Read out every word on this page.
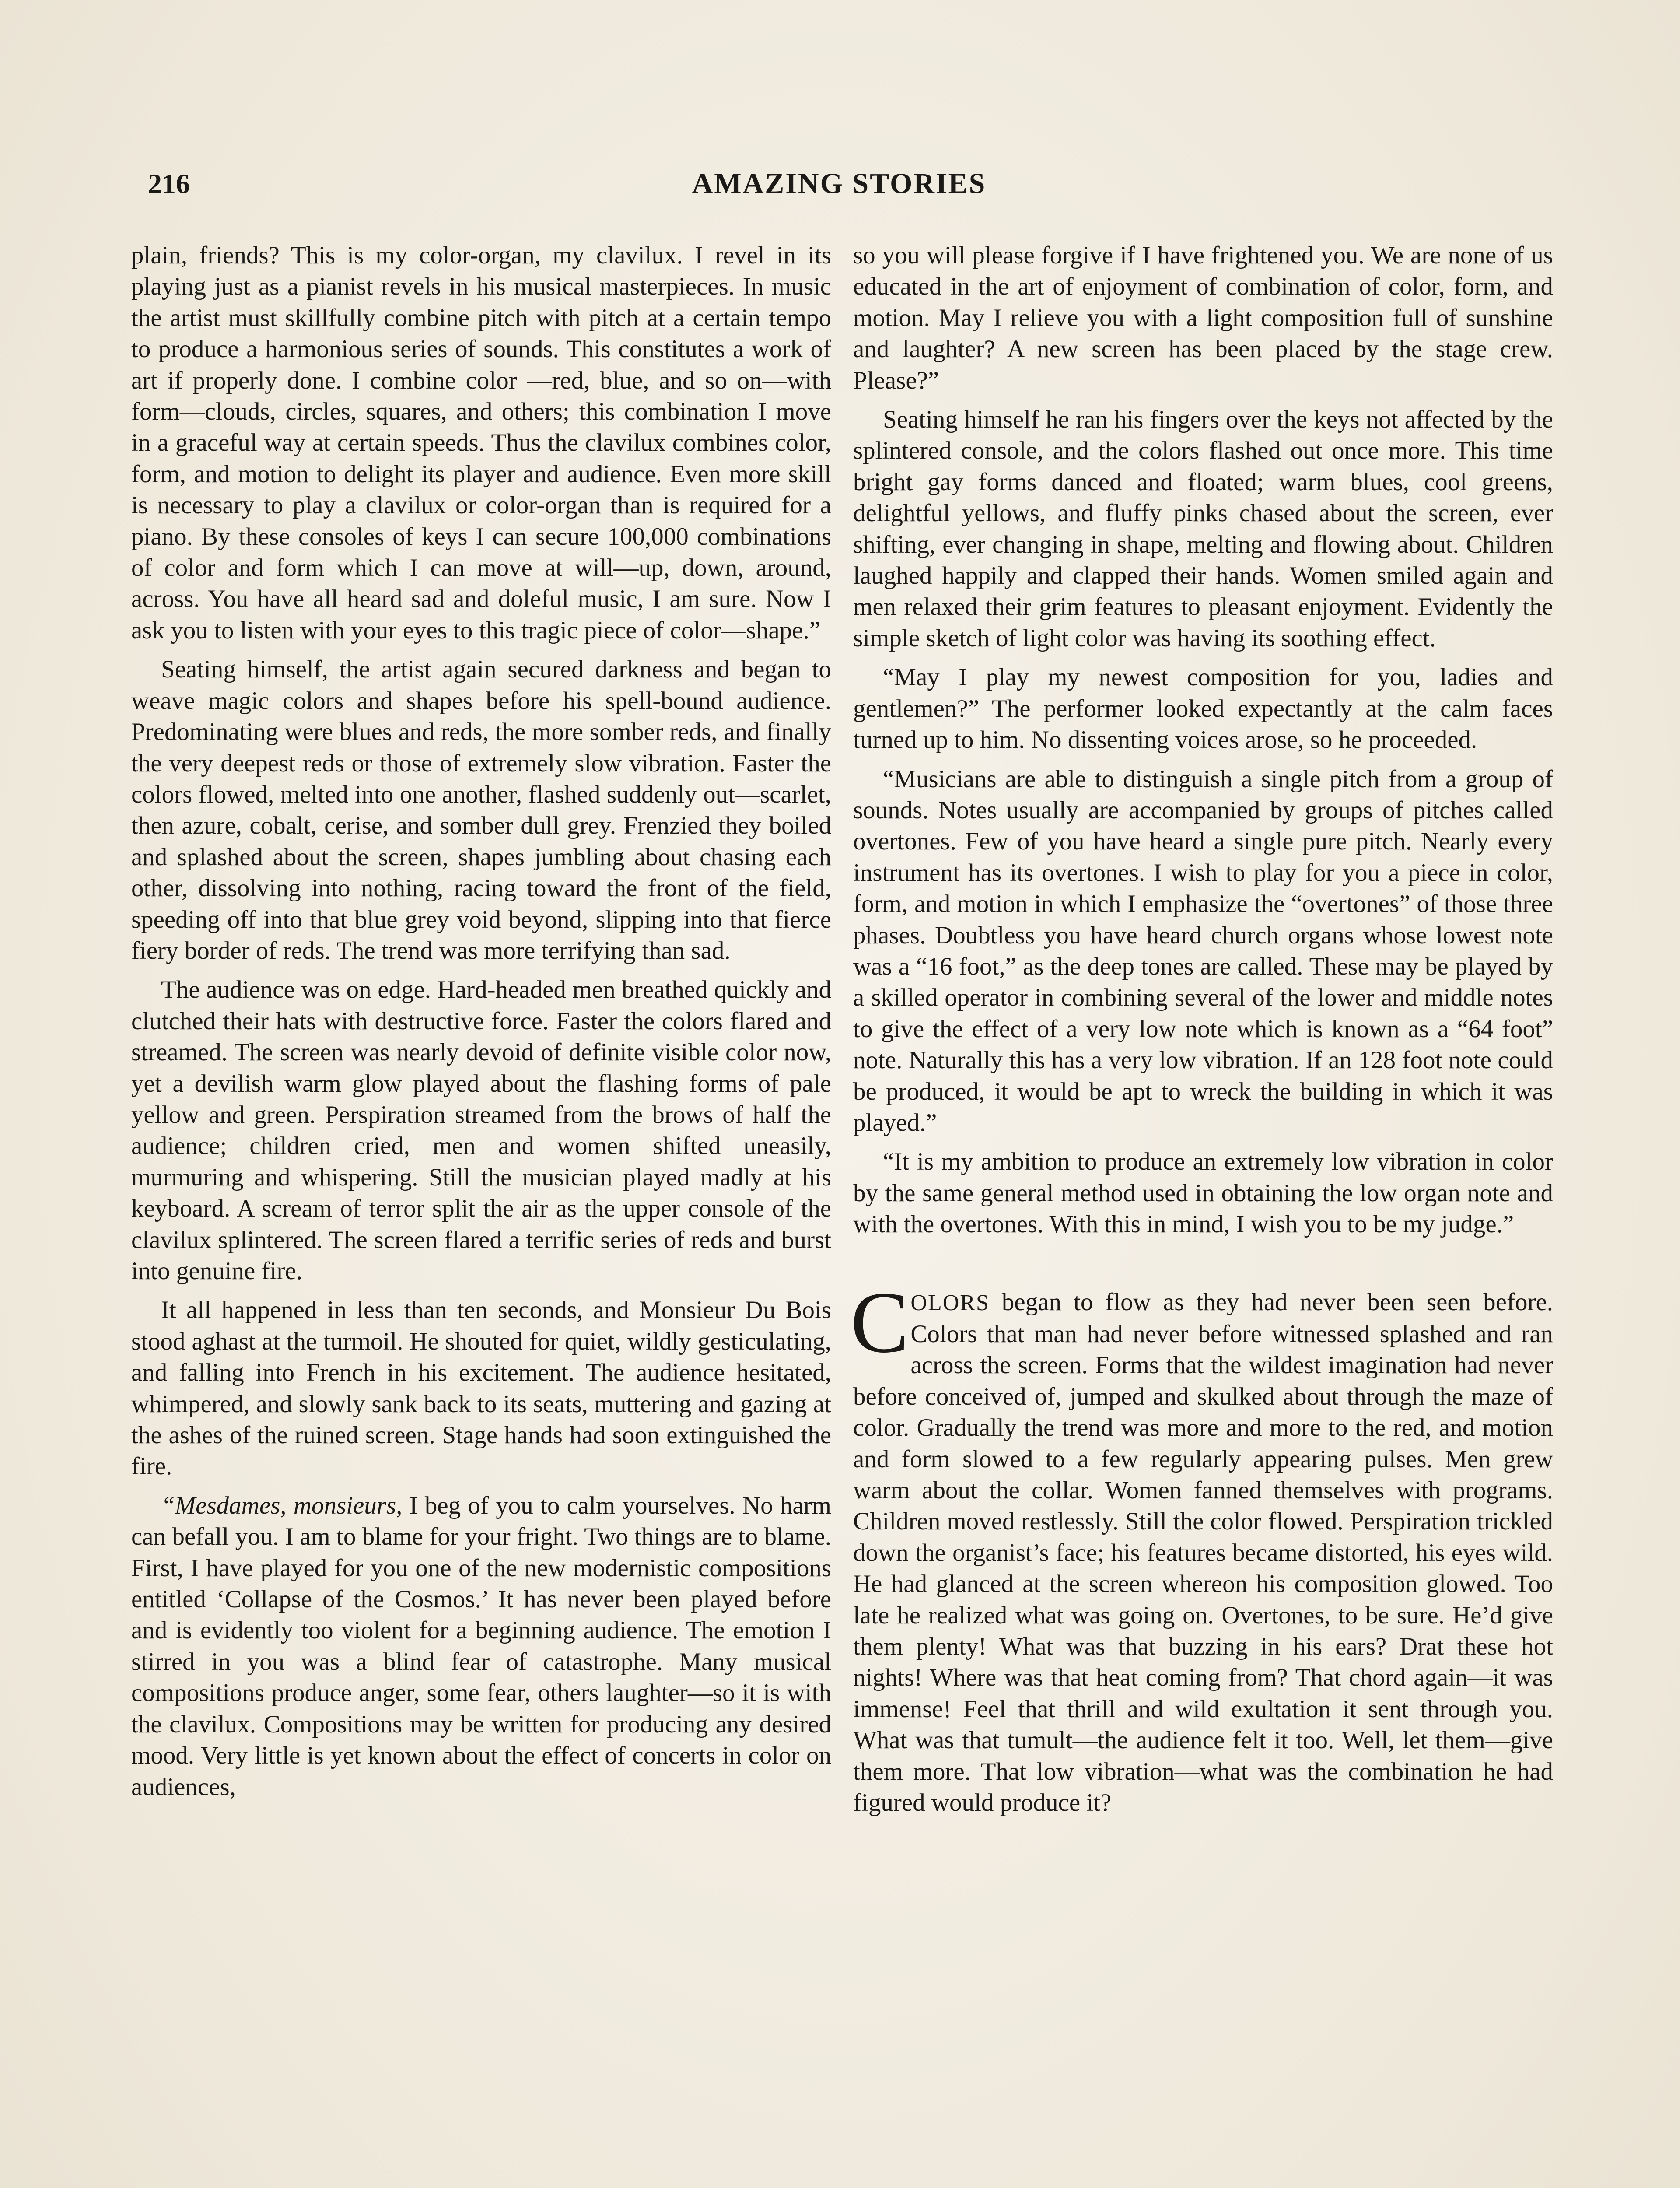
216	AMAZING STORIES

plain, friends? This is my color-organ, my clavilux. I revel in its playing just as a pianist revels in his musical masterpieces. In music the artist must skillfully combine pitch with pitch at a certain tempo to produce a harmonious series of sounds. This constitutes a work of art if properly done. I combine color —red, blue, and so on—with form—clouds, circles, squares, and others; this combination I move in a graceful way at certain speeds. Thus the clavilux combines color, form, and motion to delight its player and audience. Even more skill is necessary to play a clavilux or color-organ than is required for a piano. By these consoles of keys I can secure 100,000 combinations of color and form which I can move at will—up, down, around, across. You have all heard sad and doleful music, I am sure. Now I ask you to listen with your eyes to this tragic piece of color—shape.”

Seating himself, the artist again secured darkness and began to weave magic colors and shapes before his spell-bound audience. Predominating were blues and reds, the more somber reds, and finally the very deepest reds or those of extremely slow vibration. Faster the colors flowed, melted into one another, flashed suddenly out—scarlet, then azure, cobalt, cerise, and somber dull grey. Frenzied they boiled and splashed about the screen, shapes jumbling about chasing each other, dissolving into nothing, racing toward the front of the field, speeding off into that blue grey void beyond, slipping into that fierce fiery border of reds. The trend was more terrifying than sad.

The audience was on edge. Hard-headed men breathed quickly and clutched their hats with destructive force. Faster the colors flared and streamed. The screen was nearly devoid of definite visible color now, yet a devilish warm glow played about the flashing forms of pale yellow and green. Perspiration streamed from the brows of half the audience; children cried, men and women shifted uneasily, murmuring and whispering. Still the musician played madly at his keyboard. A scream of terror split the air as the upper console of the clavilux splintered. The screen flared a terrific series of reds and burst into genuine fire.

It all happened in less than ten seconds, and Monsieur Du Bois stood aghast at the turmoil. He shouted for quiet, wildly gesticulating, and falling into French in his excitement. The audience hesitated, whimpered, and slowly sank back to its seats, muttering and gazing at the ashes of the ruined screen. Stage hands had soon extinguished the fire.

“Mesdames, monsieurs, I beg of you to calm yourselves. No harm can befall you. I am to blame for your fright. Two things are to blame. First, I have played for you one of the new modernistic compositions entitled ‘Collapse of the Cosmos.’ It has never been played before and is evidently too violent for a beginning audience. The emotion I stirred in you was a blind fear of catastrophe. Many musical compositions produce anger, some fear, others laughter—so it is with the clavilux. Compositions may be written for producing any desired mood. Very little is yet known about the effect of concerts in color on audiences,

so you will please forgive if I have frightened you. We are none of us educated in the art of enjoyment of combination of color, form, and motion. May I relieve you with a light composition full of sunshine and laughter? A new screen has been placed by the stage crew. Please?”

Seating himself he ran his fingers over the keys not affected by the splintered console, and the colors flashed out once more. This time bright gay forms danced and floated; warm blues, cool greens, delightful yellows, and fluffy pinks chased about the screen, ever shifting, ever changing in shape, melting and flowing about. Children laughed happily and clapped their hands. Women smiled again and men relaxed their grim features to pleasant enjoyment. Evidently the simple sketch of light color was having its soothing effect.

“May I play my newest composition for you, ladies and gentlemen?” The performer looked expectantly at the calm faces turned up to him. No dissenting voices arose, so he proceeded.

“Musicians are able to distinguish a single pitch from a group of sounds. Notes usually are accompanied by groups of pitches called overtones. Few of you have heard a single pure pitch. Nearly every instrument has its overtones. I wish to play for you a piece in color, form, and motion in which I emphasize the “overtones” of those three phases. Doubtless you have heard church organs whose lowest note was a “16 foot,” as the deep tones are called. These may be played by a skilled operator in combining several of the lower and middle notes to give the effect of a very low note which is known as a “64 foot” note. Naturally this has a very low vibration. If an 128 foot note could be produced, it would be apt to wreck the building in which it was played.”

“It is my ambition to produce an extremely low vibration in color by the same general method used in obtaining the low organ note and with the overtones. With this in mind, I wish you to be my judge.”

COLORS began to flow as they had never been seen before. Colors that man had never before witnessed splashed and ran across the screen. Forms that the wildest imagination had never before conceived of, jumped and skulked about through the maze of color. Gradually the trend was more and more to the red, and motion and form slowed to a few regularly appearing pulses. Men grew warm about the collar. Women fanned themselves with programs. Children moved restlessly. Still the color flowed. Perspiration trickled down the organist’s face; his features became distorted, his eyes wild. He had glanced at the screen whereon his composition glowed. Too late he realized what was going on. Overtones, to be sure. He’d give them plenty! What was that buzzing in his ears? Drat these hot nights! Where was that heat coming from? That chord again—it was immense! Feel that thrill and wild exultation it sent through you. What was that tumult—the audience felt it too. Well, let them—give them more. That low vibration—what was the combination he had figured would produce it?
